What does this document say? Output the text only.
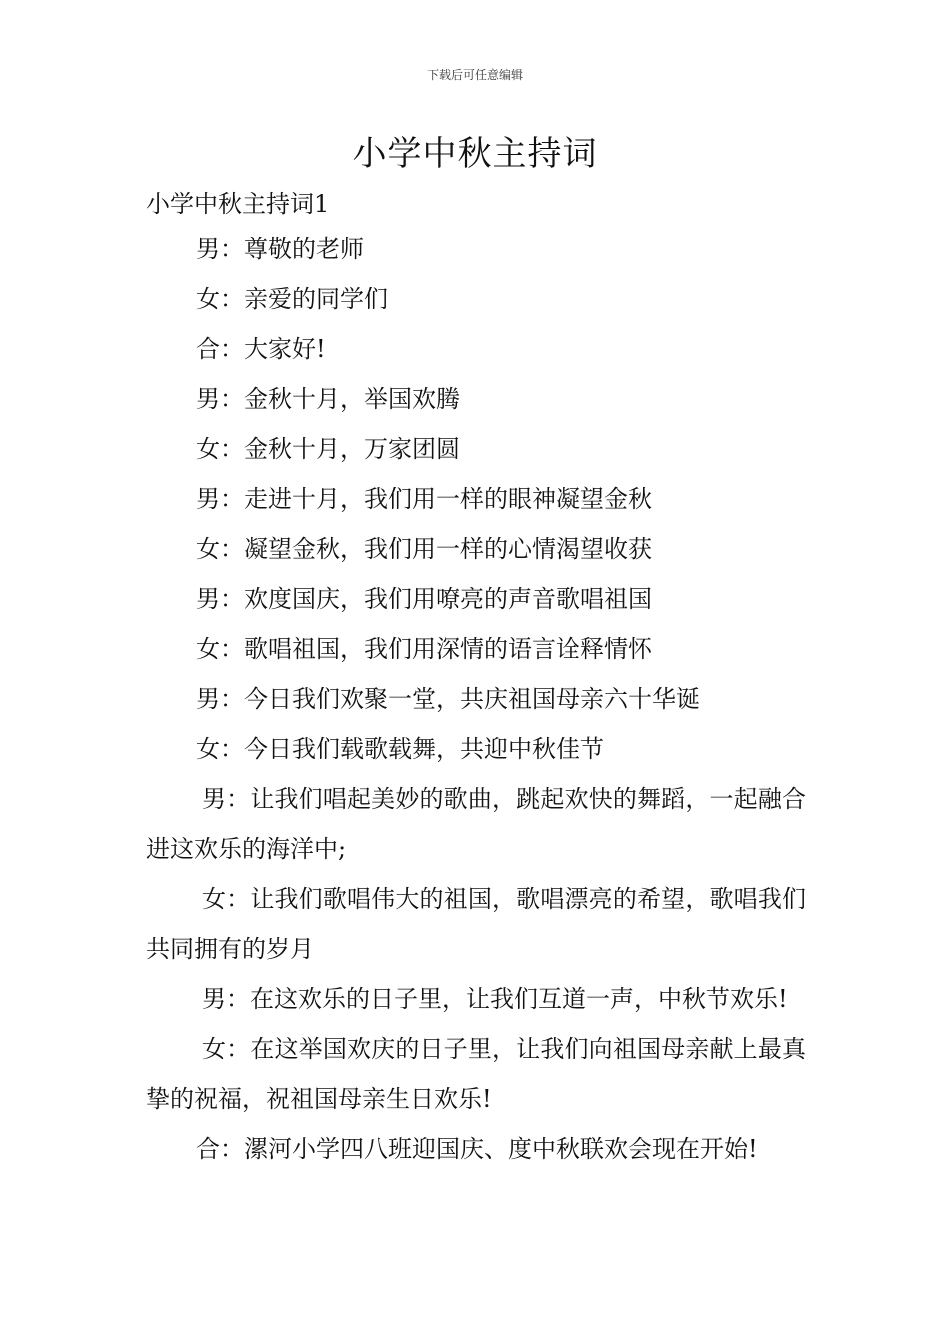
下载后可任意编辑
小学中秋主持词
小学中秋主持词1

男：尊敬的老师

女：亲爱的同学们

合：大家好!

男：金秋十月，举国欢腾

女：金秋十月，万家团圆

男：走进十月，我们用一样的眼神凝望金秋

女：凝望金秋，我们用一样的心情渴望收获

男：欢度国庆，我们用嘹亮的声音歌唱祖国

女：歌唱祖国，我们用深情的语言诠释情怀

男：今日我们欢聚一堂，共庆祖国母亲六十华诞

女：今日我们载歌载舞，共迎中秋佳节

男：让我们唱起美妙的歌曲，跳起欢快的舞蹈，一起融合进这欢乐的海洋中;

女：让我们歌唱伟大的祖国，歌唱漂亮的希望，歌唱我们共同拥有的岁月

男：在这欢乐的日子里，让我们互道一声，中秋节欢乐!

女：在这举国欢庆的日子里，让我们向祖国母亲献上最真挚的祝福，祝祖国母亲生日欢乐!

合：漯河小学四八班迎国庆、度中秋联欢会现在开始!
